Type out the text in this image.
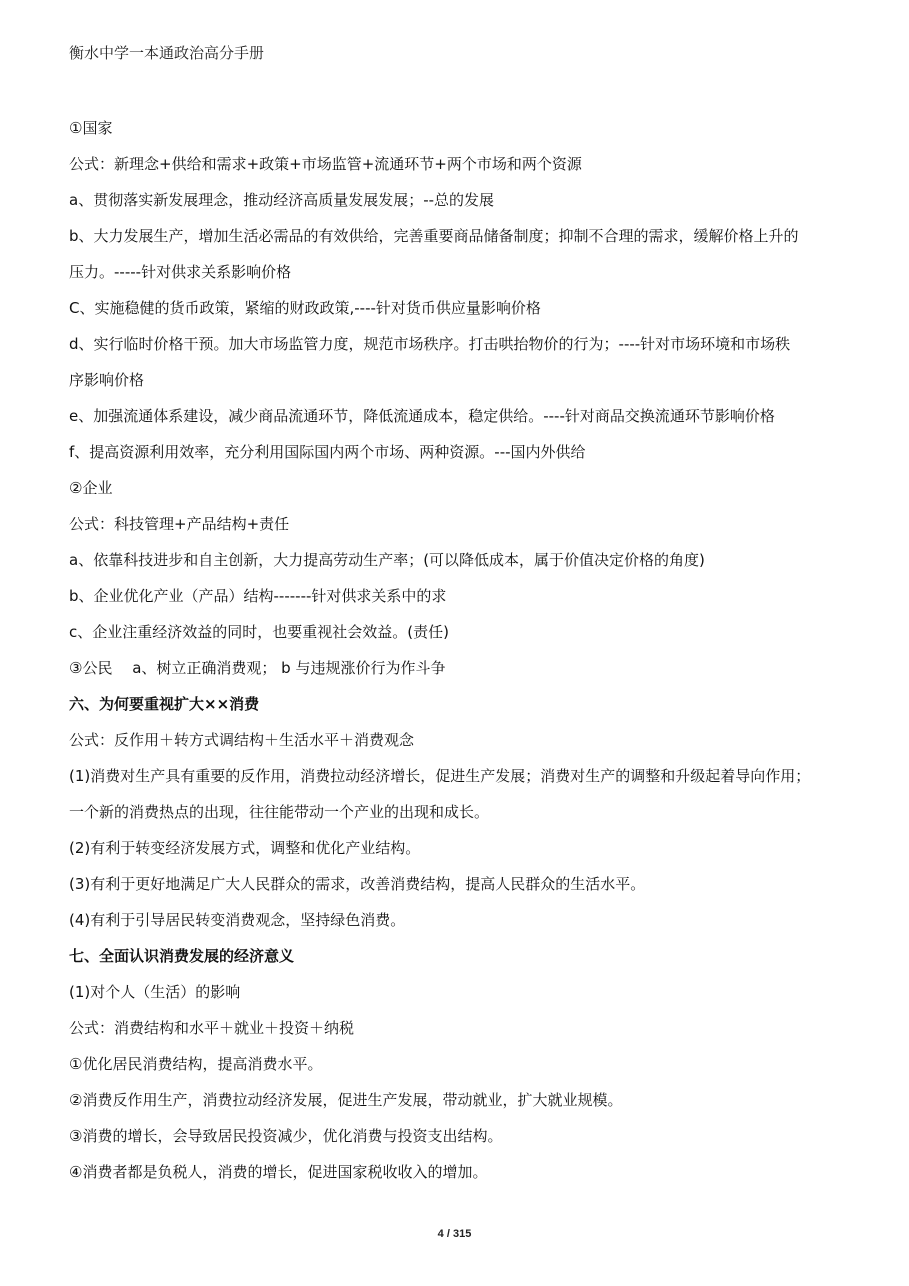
衡水中学一本通政治高分手册
①国家
公式：新理念+供给和需求+政策+市场监管+流通环节+两个市场和两个资源
a、贯彻落实新发展理念，推动经济高质量发展发展；--总的发展
b、大力发展生产，增加生活必需品的有效供给，完善重要商品储备制度；抑制不合理的需求，缓解价格上升的
压力。-----针对供求关系影响价格
C、实施稳健的货币政策，紧缩的财政政策,----针对货币供应量影响价格
d、实行临时价格干预。加大市场监管力度，规范市场秩序。打击哄抬物价的行为；----针对市场环境和市场秩
序影响价格
e、加强流通体系建设，减少商品流通环节，降低流通成本，稳定供给。----针对商品交换流通环节影响价格
f、提高资源利用效率，充分利用国际国内两个市场、两种资源。---国内外供给
②企业
公式：科技管理+产品结构+责任
a、依靠科技进步和自主创新，大力提高劳动生产率；(可以降低成本，属于价值决定价格的角度)
b、企业优化产业（产品）结构-------针对供求关系中的求
c、企业注重经济效益的同时，也要重视社会效益。(责任)
③公民　 a、树立正确消费观； b 与违规涨价行为作斗争
六、为何要重视扩大××消费
公式：反作用＋转方式调结构＋生活水平＋消费观念
(1)消费对生产具有重要的反作用，消费拉动经济增长，促进生产发展；消费对生产的调整和升级起着导向作用；
一个新的消费热点的出现，往往能带动一个产业的出现和成长。
(2)有利于转变经济发展方式，调整和优化产业结构。
(3)有利于更好地满足广大人民群众的需求，改善消费结构，提高人民群众的生活水平。
(4)有利于引导居民转变消费观念，坚持绿色消费。
七、全面认识消费发展的经济意义
(1)对个人（生活）的影响
公式：消费结构和水平＋就业＋投资＋纳税
①优化居民消费结构，提高消费水平。
②消费反作用生产，消费拉动经济发展，促进生产发展，带动就业，扩大就业规模。
③消费的增长，会导致居民投资减少，优化消费与投资支出结构。
④消费者都是负税人，消费的增长，促进国家税收收入的增加。
4 / 315
